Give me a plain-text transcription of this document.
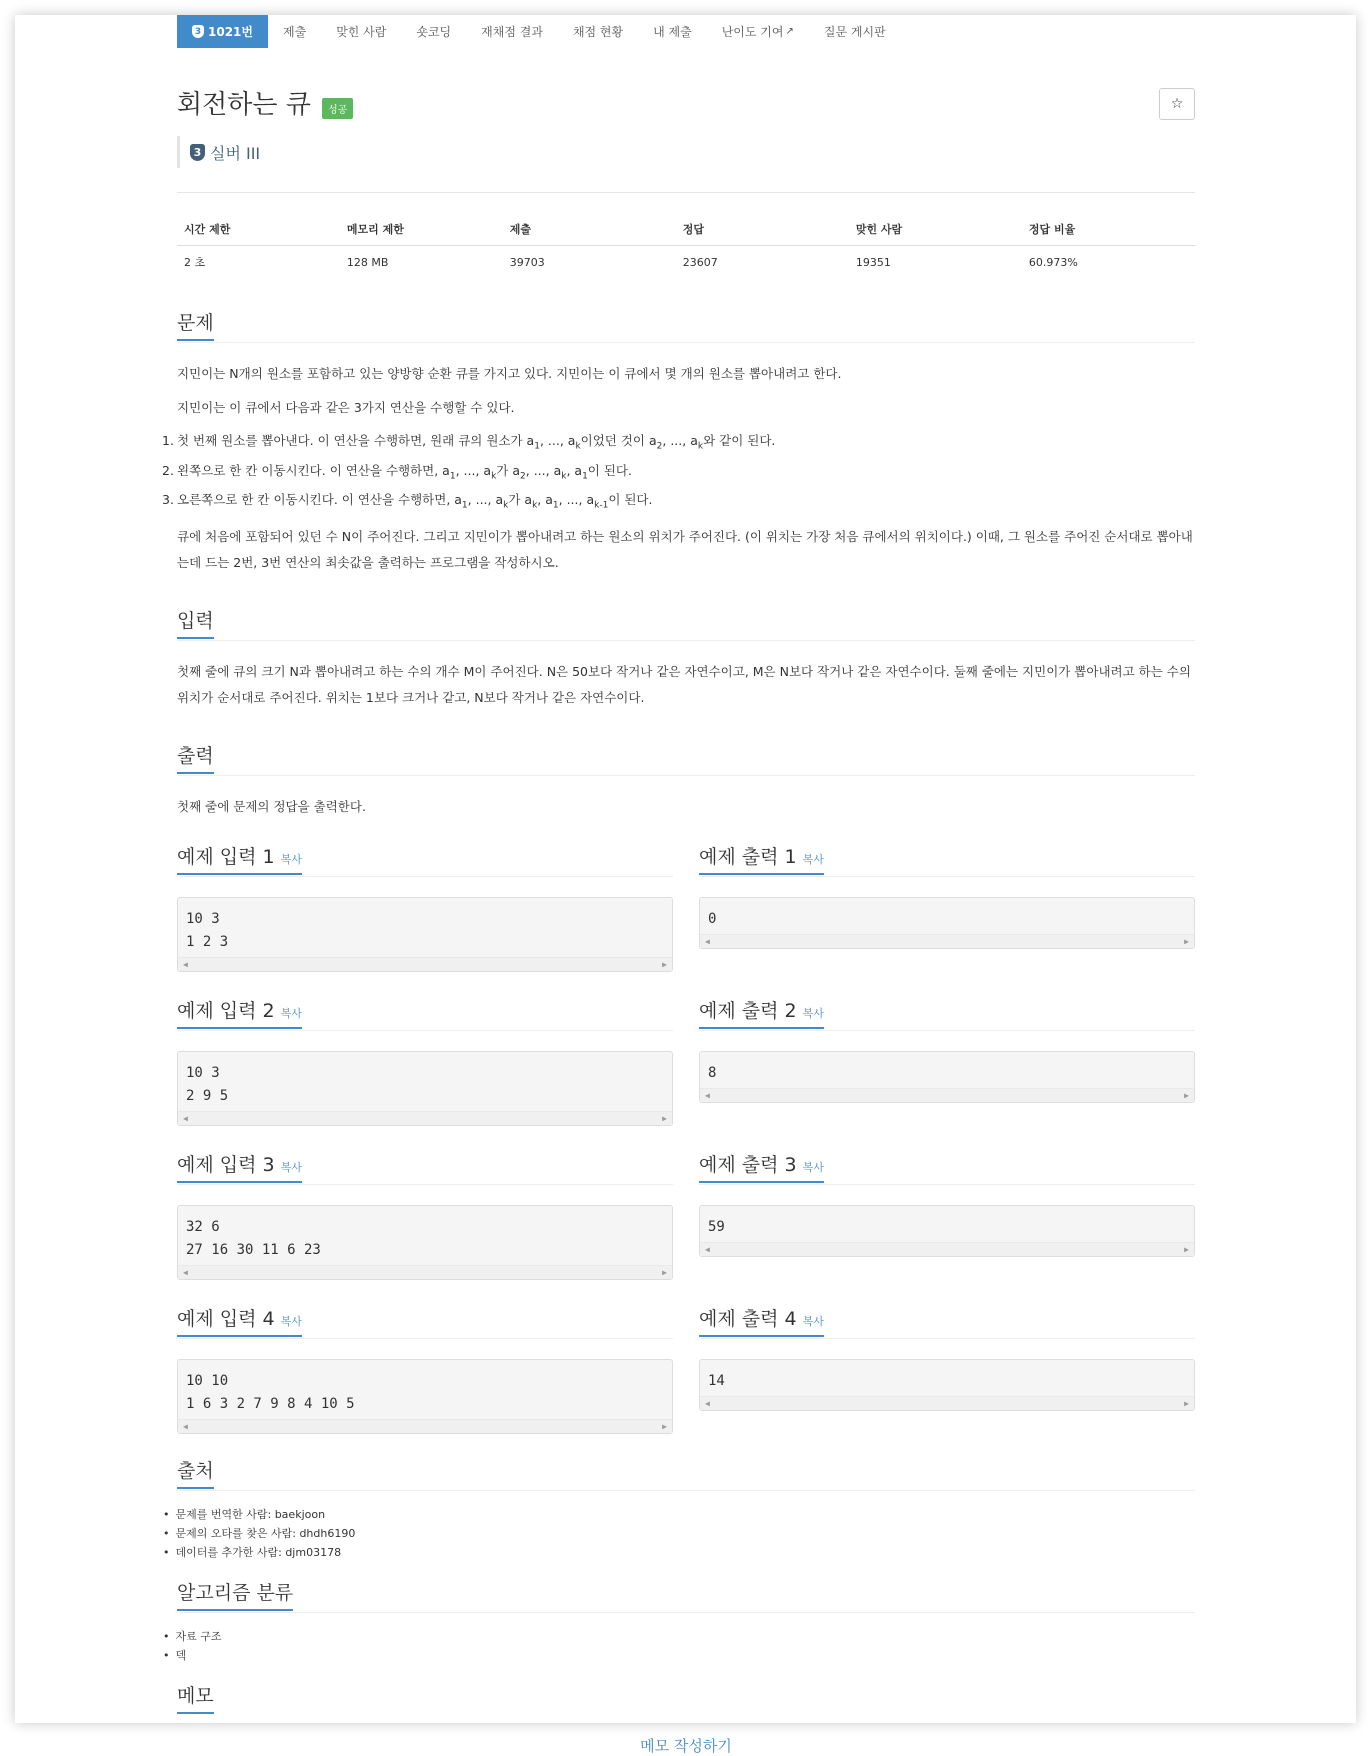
3 1021번	제출	맞힌 사람	숏코딩	재채점 결과	채점 현황	내 제출	난이도 기여 ↗	질문 게시판
회전하는 큐 성공	☆
3 실버 III
시간 제한	메모리 제한	제출	정답	맞힌 사람	정답 비율
2 초	128 MB	39703	23607	19351	60.973%
문제

지민이는 N개의 원소를 포함하고 있는 양방향 순환 큐를 가지고 있다. 지민이는 이 큐에서 몇 개의 원소를 뽑아내려고 한다.

지민이는 이 큐에서 다음과 같은 3가지 연산을 수행할 수 있다.

1. 첫 번째 원소를 뽑아낸다. 이 연산을 수행하면, 원래 큐의 원소가 $a_1$, ..., $a_k$이었던 것이 $a_2$, ..., $a_k$와 같이 된다.
2. 왼쪽으로 한 칸 이동시킨다. 이 연산을 수행하면, $a_1$, ..., $a_k$가 $a_2$, ..., $a_k$, $a_1$이 된다.
3. 오른쪽으로 한 칸 이동시킨다. 이 연산을 수행하면, $a_1$, ..., $a_k$가 $a_k$, $a_1$, ..., $a_{k-1}$이 된다.

큐에 처음에 포함되어 있던 수 N이 주어진다. 그리고 지민이가 뽑아내려고 하는 원소의 위치가 주어진다. (이 위치는 가장 처음 큐에서의 위치이다.) 이때, 그 원소를 주어진 순서대로 뽑아내는데 드는 2번, 3번 연산의 최솟값을 출력하는 프로그램을 작성하시오.

입력

첫째 줄에 큐의 크기 N과 뽑아내려고 하는 수의 개수 M이 주어진다. N은 50보다 작거나 같은 자연수이고, M은 N보다 작거나 같은 자연수이다. 둘째 줄에는 지민이가 뽑아내려고 하는 수의 위치가 순서대로 주어진다. 위치는 1보다 크거나 같고, N보다 작거나 같은 자연수이다.

출력

첫째 줄에 문제의 정답을 출력한다.

예제 입력 1 복사
10 3
1 2 3
◀	▶
예제 출력 1 복사
0
◀	▶
예제 입력 2 복사
10 3
2 9 5
◀	▶
예제 출력 2 복사
8
◀	▶
예제 입력 3 복사
32 6
27 16 30 11 6 23
◀	▶
예제 출력 3 복사
59
◀	▶
예제 입력 4 복사
10 10
1 6 3 2 7 9 8 4 10 5
◀	▶
예제 출력 4 복사
14
◀	▶
출처
• 문제를 번역한 사람: baekjoon
• 문제의 오타를 찾은 사람: dhdh6190
• 데이터를 추가한 사람: djm03178
알고리즘 분류
• 자료 구조
• 덱
메모
메모 작성하기
